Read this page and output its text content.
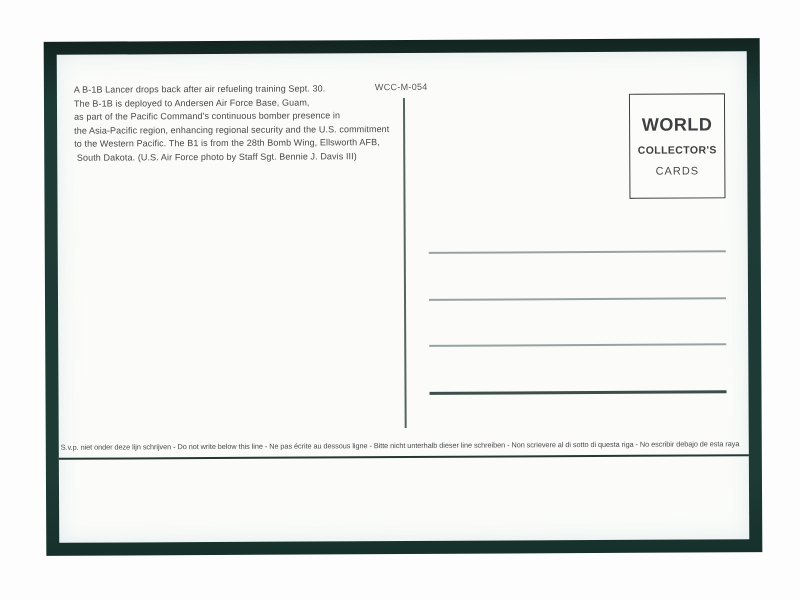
A B-1B Lancer drops back after air refueling training Sept. 30.
The B-1B is deployed to Andersen Air Force Base, Guam,
as part of the Pacific Command's continuous bomber presence in
the Asia-Pacific region, enhancing regional security and the U.S. commitment
to the Western Pacific. The B1 is from the 28th Bomb Wing, Ellsworth AFB,
South Dakota. (U.S. Air Force photo by Staff Sgt. Bennie J. Davis III)
WCC-M-054
WORLD
COLLECTOR'S
CARDS
S.v.p. niet onder deze lijn schrijven - Do not write below this line - Ne pas écrite au dessous ligne - Bitte nicht unterhalb dieser line schreiben - Non scrievere al di sotto di questa riga - No escribir debajo de esta raya
